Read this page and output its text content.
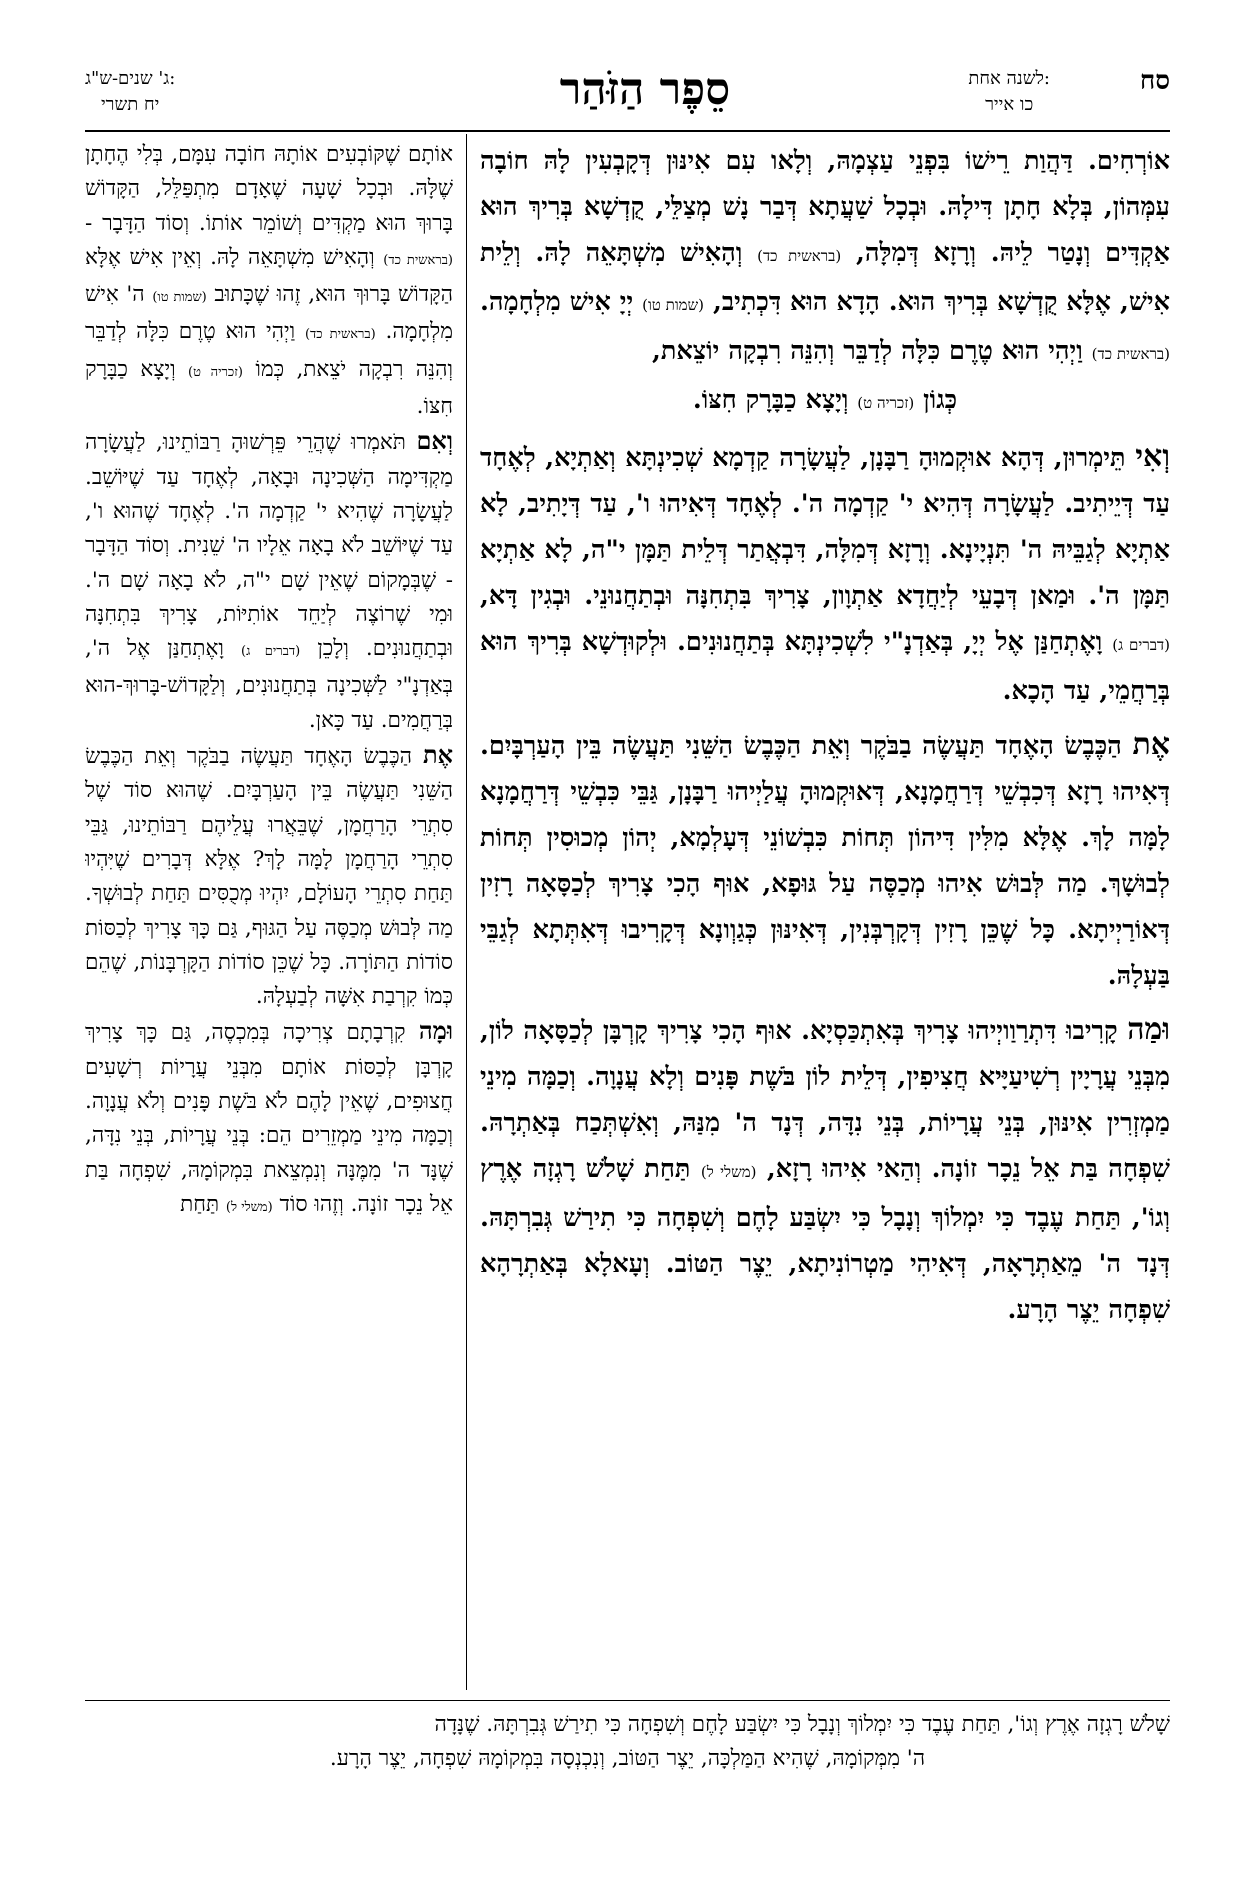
סח
לשנה אחת:
כו אייר
סֵפֶר הַזֹּהַר
ג' שנים-ש"ג:
יח תשרי

אוֹרְחִים. דַּהֲוַת רֵישׁוֹ בִּפְנֵי עַצְמָהּ, וְלָאו עִם אִינּוּן דְּקָבְעִין לָהּ חוֹבָה עִמְּהוֹן, בְּלָא חָתָן דִּילָהּ. וּבְכָל שַׁעֲתָא דְּבַר נָשׁ מְצַלֵּי, קֻדְשָׁא בְּרִיךְ הוּא אַקְדִּים וְנָטַר לֵיהּ. וְרָזָא דְּמִלָּה, (בראשית כד) וְהָאִישׁ מִשְׁתָּאֵה לָהּ. וְלֵית אִישׁ, אֶלָּא קֻדְשָׁא בְּרִיךְ הוּא. הָדָא הוּא דִּכְתִיב, (שמות טו) יְיָ אִישׁ מִלְחָמָה. (בראשית כד) וַיְהִי הוּא טֶרֶם כִּלָּה לְדַבֵּר וְהִנֵּה רִבְקָה יוֹצֵאת,

כְּגוֹן (זכריה ט) וְיָצָא כַבָּרָק חִצּוֹ.

וְאִי תֵּימְרוּן, דְּהָא אוּקְמוּהָ רַבָּנָן, לַעֲשָׂרָה קַדְמָא שְׁכִינְתָּא וְאַתְיָא, לְאֶחָד עַד דְּיֵיתִיב. לַעֲשָׂרָה דְּהִיא י' קַדְמָה ה'. לְאֶחָד דְּאִיהוּ ו', עַד דְּיָתִיב, לָא אַתְיָא לְגַבֵּיהּ ה' תִּנְיָינָא. וְרָזָא דְּמִלָּה, דִּבְאֲתַר דְּלֵית תַּמָּן י"ה, לָא אַתְיָא תַּמָּן ה'. וּמַאן דְּבָעֵי לְיַחֲדָא אַתְוָון, צָרִיךְ בִּתְחִנָּה וּבְתַחֲנוּנֵי. וּבְגִין דָּא, (דברים ג) וָאֶתְחַנַּן אֶל יְיָ, בְּאַדְנָ"י לִשְׁכִינְתָּא בְּתַחֲנוּנִים. וּלְקוּדְשָׁא בְּרִיךְ הוּא בְּרַחֲמֵי, עַד הָכָא.

אֶת הַכֶּבֶשׂ הָאֶחָד תַּעֲשֶׂה בַבֹּקֶר וְאֵת הַכֶּבֶשׂ הַשֵּׁנִי תַּעֲשֶׂה בֵּין הָעַרְבָּיִם. דְּאִיהוּ רָזָא דְּכִבְשֵׁי דְּרַחֲמָנָא, דְּאוּקְמוּהָ עֲלַיְיהוּ רַבָּנָן, גַּבֵּי כִּבְשֵׁי דְּרַחֲמָנָא לָמָּה לָךְ. אֶלָּא מִלִּין דִּיהוֹן תְּחוֹת כִּבְשׁוֹנֵי דְּעָלְמָא, יְהוֹן מְכוּסִין תְּחוֹת לְבוּשָׁךְ. מַה לְּבוּשׁ אִיהוּ מְכַסֶּה עַל גּוּפָא, אוּף הָכִי צָרִיךְ לְכַסָּאָה רָזִין דְּאוֹרַיְיתָא. כָּל שֶׁכֵּן רָזִין דְּקָרְבְּנִין, דְּאִינּוּן כְּגַוְונָא דְּקָרִיבוּ דְּאִתְּתָא לְגַבֵּי בַּעְלָהּ.

וּמַה קָרִיבוּ דִּתְרַוַויְיהוּ צָרִיךְ בְּאִתְכַּסְיָא. אוּף הָכִי צָרִיךְ קָרְבָּן לְכַסָּאָה לוֹן, מִבְּנֵי עֲרָיָין רְשִׁיעַיָּיא חֲצִיפִין, דְּלֵית לוֹן בֹּשֶׁת פָּנִים וְלָא עֲנָוָה. וְכַמָּה מִינֵי מַמְזְרִין אִינּוּן, בְּנֵי עֲרָיוֹת, בְּנֵי נִדָּה, דְּנָד ה' מִנַּהּ, וְאִשְׁתְּכַח בְּאַתְרָהּ. שִׁפְחָה בַּת אֵל נֵכָר זוֹנָה. וְהַאי אִיהוּ רָזָא, (משלי ל) תַּחַת שָׁלֹשׁ רָגְזָה אֶרֶץ וְגוֹ', תַּחַת עֶבֶד כִּי יִמְלוֹךְ וְנָבָל כִּי יִשְׂבַּע לָחֶם וְשִׁפְחָה כִּי תִירַשׁ גְּבִרְתָּהּ. דְּנָד ה' מֵאַתְרָאָה, דְּאִיהִי מַטְרוֹנִיתָא, יֵצֶר הַטּוֹב. וְעָאלָא בְּאַתְרָהָא שִׁפְחָה יֵצֶר הָרָע.

אוֹתָם שֶׁקּוֹבְעִים אוֹתָהּ חוֹבָה עִמָּם, בְּלִי הֶחָתָן שֶׁלָּהּ. וּבְכָל שָׁעָה שֶׁאָדָם מִתְפַּלֵּל, הַקָּדוֹשׁ בָּרוּךְ הוּא מַקְדִּים וְשׁוֹמֵר אוֹתוֹ. וְסוֹד הַדָּבָר - (בראשית כד) וְהָאִישׁ מִשְׁתָּאֵה לָהּ. וְאֵין אִישׁ אֶלָּא הַקָּדוֹשׁ בָּרוּךְ הוּא, זֶהוּ שֶׁכָּתוּב (שמות טו) ה' אִישׁ מִלְחָמָה. (בראשית כד) וַיְהִי הוּא טֶרֶם כִּלָּה לְדַבֵּר וְהִנֵּה רִבְקָה יֹצֵאת, כְּמוֹ (זכריה ט) וְיָצָא כַבָּרָק חִצּוֹ.

וְאִם תֹּאמְרוּ שֶׁהֲרֵי פֵּרְשׁוּהָ רַבּוֹתֵינוּ, לַעֲשָׂרָה מַקְדִּימָה הַשְּׁכִינָה וּבָאָה, לְאֶחָד עַד שֶׁיּוֹשֵׁב. לַעֲשָׂרָה שֶׁהִיא י' קַדְמָה ה'. לְאֶחָד שֶׁהוּא ו', עַד שֶׁיּוֹשֵׁב לֹא בָאָה אֵלָיו ה' שֵׁנִית. וְסוֹד הַדָּבָר - שֶׁבְּמָקוֹם שֶׁאֵין שָׁם י"ה, לֹא בָאָה שָׁם ה'. וּמִי שֶׁרוֹצֶה לְיַחֵד אוֹתִיּוֹת, צָרִיךְ בִּתְחִנָּה וּבְתַחֲנוּנִים. וְלָכֵן (דברים ג) וָאֶתְחַנַּן אֶל ה', בְּאַדְנָ"י לַשְּׁכִינָה בְּתַחֲנוּנִים, וְלַקָּדוֹשׁ-בָּרוּךְ-הוּא בְּרַחֲמִים. עַד כָּאן.

אֶת הַכֶּבֶשׂ הָאֶחָד תַּעֲשֶׂה בַבֹּקֶר וְאֵת הַכֶּבֶשׂ הַשֵּׁנִי תַּעֲשֶׂה בֵּין הָעַרְבָּיִם. שֶׁהוּא סוֹד שֶׁל סִתְרֵי הָרַחֲמָן, שֶׁבֵּאֲרוּ עֲלֵיהֶם רַבּוֹתֵינוּ, גַּבֵּי סִתְרֵי הָרַחֲמָן לָמָּה לָךְ? אֶלָּא דְּבָרִים שֶׁיִּהְיוּ תַּחַת סִתְרֵי הָעוֹלָם, יִהְיוּ מְכֻסִּים תַּחַת לְבוּשְׁךָ. מַה לְּבוּשׁ מְכַסֶּה עַל הַגּוּף, גַּם כָּךְ צָרִיךְ לְכַסּוֹת סוֹדוֹת הַתּוֹרָה. כָּל שֶׁכֵּן סוֹדוֹת הַקָּרְבָּנוֹת, שֶׁהֵם כְּמוֹ קִרְבַת אִשָּׁה לְבַעְלָהּ.

וּמָה קִרְבָתָם צְרִיכָה בְּמִכְסֶה, גַּם כָּךְ צָרִיךְ קָרְבָּן לְכַסּוֹת אוֹתָם מִבְּנֵי עֲרָיוֹת רְשָׁעִים חֲצוּפִים, שֶׁאֵין לָהֶם לֹא בֹּשֶׁת פָּנִים וְלֹא עֲנָוָה. וְכַמָּה מִינֵי מַמְזֵרִים הֵם: בְּנֵי עֲרָיוֹת, בְּנֵי נִדָּה, שֶׁנָּד ה' מִמֶּנָּה וְנִמְצֵאת בִּמְקוֹמָהּ, שִׁפְחָה בַּת אֵל נֵכָר זוֹנָה. וְזֶהוּ סוֹד (משלי ל) תַּחַת

שָׁלֹשׁ רָגְזָה אֶרֶץ וְגוֹ', תַּחַת עֶבֶד כִּי יִמְלוֹךְ וְנָבָל כִּי יִשְׂבַּע לָחֶם וְשִׁפְחָה כִּי תִירַשׁ גְּבִרְתָּהּ. שֶׁנָּדָה

ה' מִמְּקוֹמָהּ, שֶׁהִיא הַמַּלְכָּה, יֵצֶר הַטּוֹב, וְנִכְנְסָה בִּמְקוֹמָהּ שִׁפְחָה, יֵצֶר הָרָע.
